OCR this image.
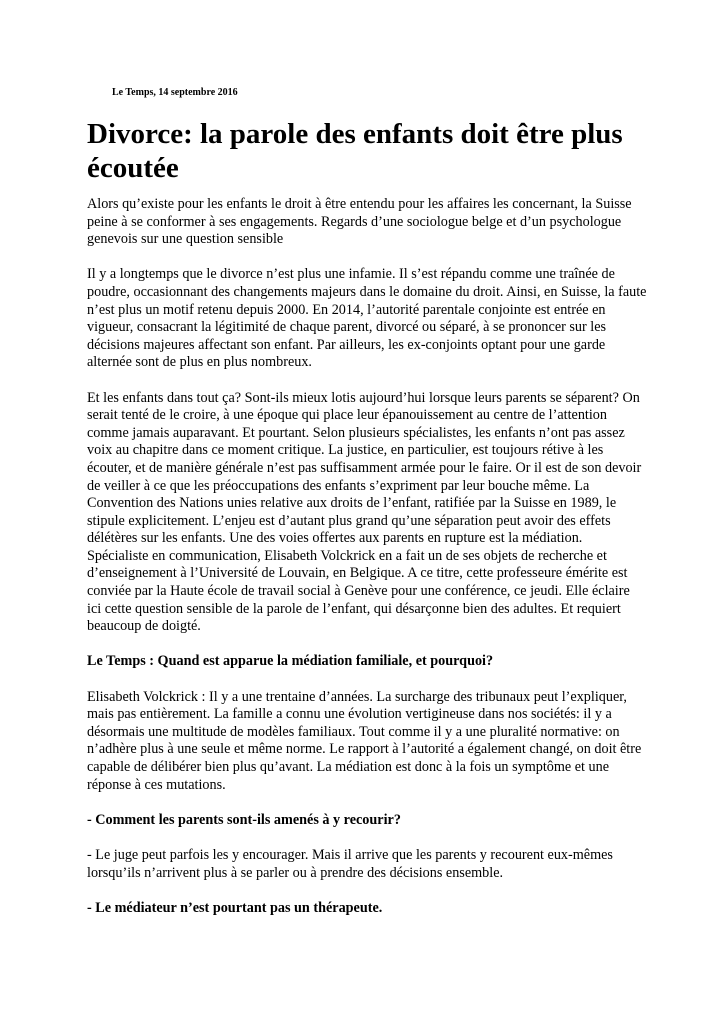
Le Temps, 14 septembre 2016
Divorce: la parole des enfants doit être plus écoutée

Alors qu’existe pour les enfants le droit à être entendu pour les affaires les concernant, la Suisse peine à se conformer à ses engagements. Regards d’une sociologue belge et d’un psychologue genevois sur une question sensible

Il y a longtemps que le divorce n’est plus une infamie. Il s’est répandu comme une traînée de poudre, occasionnant des changements majeurs dans le domaine du droit. Ainsi, en Suisse, la faute n’est plus un motif retenu depuis 2000. En 2014, l’autorité parentale conjointe est entrée en vigueur, consacrant la légitimité de chaque parent, divorcé ou séparé, à se prononcer sur les décisions majeures affectant son enfant. Par ailleurs, les ex-conjoints optant pour une garde alternée sont de plus en plus nombreux.

Et les enfants dans tout ça? Sont-ils mieux lotis aujourd’hui lorsque leurs parents se séparent? On serait tenté de le croire, à une époque qui place leur épanouissement au centre de l’attention comme jamais auparavant. Et pourtant. Selon plusieurs spécialistes, les enfants n’ont pas assez voix au chapitre dans ce moment critique. La justice, en particulier, est toujours rétive à les écouter, et de manière générale n’est pas suffisamment armée pour le faire. Or il est de son devoir de veiller à ce que les préoccupations des enfants s’expriment par leur bouche même. La Convention des Nations unies relative aux droits de l’enfant, ratifiée par la Suisse en 1989, le stipule explicitement. L’enjeu est d’autant plus grand qu’une séparation peut avoir des effets délétères sur les enfants. Une des voies offertes aux parents en rupture est la médiation. Spécialiste en communication, Elisabeth Volckrick en a fait un de ses objets de recherche et d’enseignement à l’Université de Louvain, en Belgique. A ce titre, cette professeure émérite est conviée par la Haute école de travail social à Genève pour une conférence, ce jeudi. Elle éclaire ici cette question sensible de la parole de l’enfant, qui désarçonne bien des adultes. Et requiert beaucoup de doigté.

Le Temps : Quand est apparue la médiation familiale, et pourquoi?

Elisabeth Volckrick : Il y a une trentaine d’années. La surcharge des tribunaux peut l’expliquer, mais pas entièrement. La famille a connu une évolution vertigineuse dans nos sociétés: il y a désormais une multitude de modèles familiaux. Tout comme il y a une pluralité normative: on n’adhère plus à une seule et même norme. Le rapport à l’autorité a également changé, on doit être capable de délibérer bien plus qu’avant. La médiation est donc à la fois un symptôme et une réponse à ces mutations.

- Comment les parents sont-ils amenés à y recourir?

- Le juge peut parfois les y encourager. Mais il arrive que les parents y recourent eux-mêmes lorsqu’ils n’arrivent plus à se parler ou à prendre des décisions ensemble.

- Le médiateur n’est pourtant pas un thérapeute.
